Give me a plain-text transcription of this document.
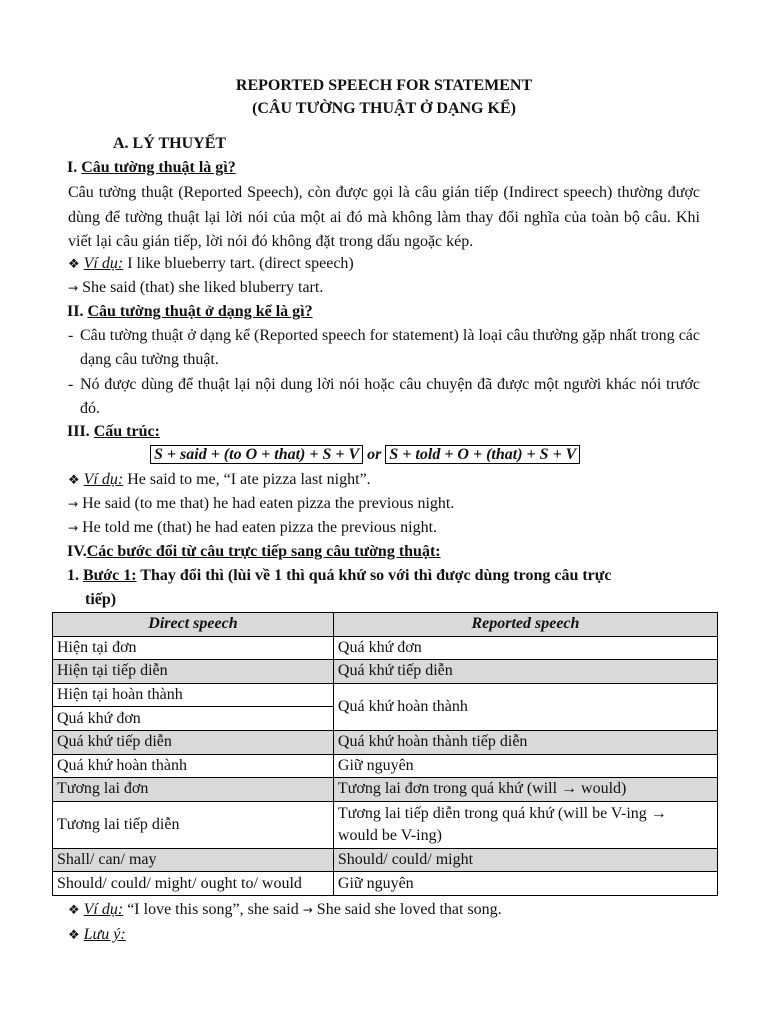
REPORTED SPEECH FOR STATEMENT
(CÂU TƯỜNG THUẬT Ở DẠNG KỂ)
A. LÝ THUYẾT
I. Câu tường thuật là gì?
Câu tường thuật (Reported Speech), còn được gọi là câu gián tiếp (Indirect speech) thường được dùng để tường thuật lại lời nói của một ai đó mà không làm thay đổi nghĩa của toàn bộ câu. Khi viết lại câu gián tiếp, lời nói đó không đặt trong dấu ngoặc kép.
❖ Ví dụ: I like blueberry tart. (direct speech)
→ She said (that) she liked bluberry tart.
II. Câu tường thuật ở dạng kể là gì?
- Câu tường thuật ở dạng kể (Reported speech for statement) là loại câu thường gặp nhất trong các dạng câu tường thuật.
- Nó được dùng để thuật lại nội dung lời nói hoặc câu chuyện đã được một người khác nói trước đó.
III. Cấu trúc:
S + said + (to O + that) + S + V or S + told + O + (that) + S + V
❖ Ví dụ: He said to me, “I ate pizza last night”.
→ He said (to me that) he had eaten pizza the previous night.
→ He told me (that) he had eaten pizza the previous night.
IV.Các bước đổi từ câu trực tiếp sang câu tường thuật:
1. Bước 1: Thay đổi thì (lùi về 1 thì quá khứ so với thì được dùng trong câu trực
tiếp)
Direct speech	Reported speech
Hiện tại đơn	Quá khứ đơn
Hiện tại tiếp diễn	Quá khứ tiếp diễn
Hiện tại hoàn thành	Quá khứ hoàn thành
Quá khứ đơn	
Quá khứ tiếp diễn	Quá khứ hoàn thành tiếp diễn
Quá khứ hoàn thành	Giữ nguyên
Tương lai đơn	Tương lai đơn trong quá khứ (will → would)
Tương lai tiếp diễn	Tương lai tiếp diễn trong quá khứ (will be V-ing →
would be V-ing)

Shall/ can/ may	Should/ could/ might
Should/ could/ might/ ought to/ would	Giữ nguyên
❖ Ví dụ: “I love this song”, she said → She said she loved that song.
❖ Lưu ý:
